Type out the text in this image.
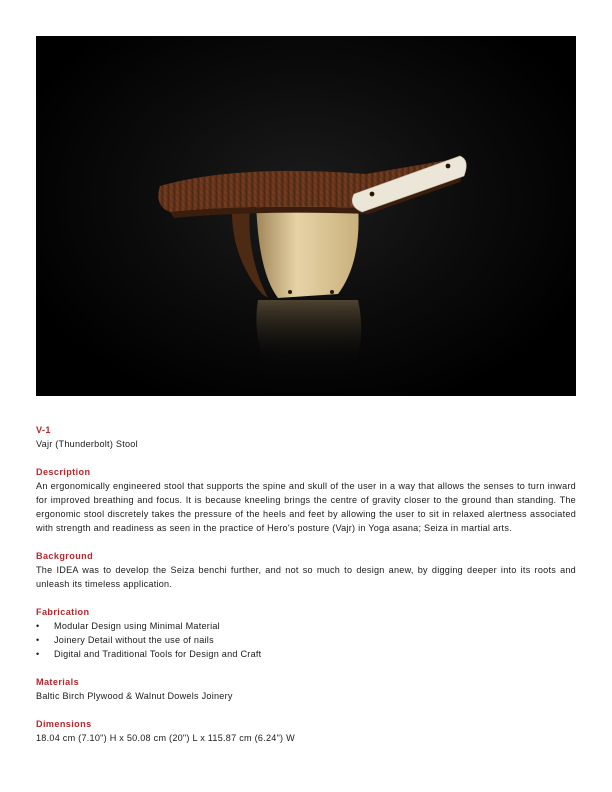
V-1
Vajr (Thunderbolt) Stool
Description
An ergonomically engineered stool that supports the spine and skull of the user in a way that allows the senses to turn inward for improved breathing and focus. It is because kneeling brings the centre of gravity closer to the ground than standing. The ergonomic stool discretely takes the pressure of the heels and feet by allowing the user to sit in relaxed alertness associated with strength and readiness as seen in the practice of Hero's posture (Vajr) in Yoga asana; Seiza in martial arts.
Background
The IDEA was to develop the Seiza benchi further, and not so much to design anew, by digging deeper into its roots and unleash its timeless application.
Fabrication
• Modular Design using Minimal Material
• Joinery Detail without the use of nails
• Digital and Traditional Tools for Design and Craft
Materials
Baltic Birch Plywood & Walnut Dowels Joinery
Dimensions
18.04 cm (7.10") H x 50.08 cm (20") L x 115.87 cm (6.24") W
